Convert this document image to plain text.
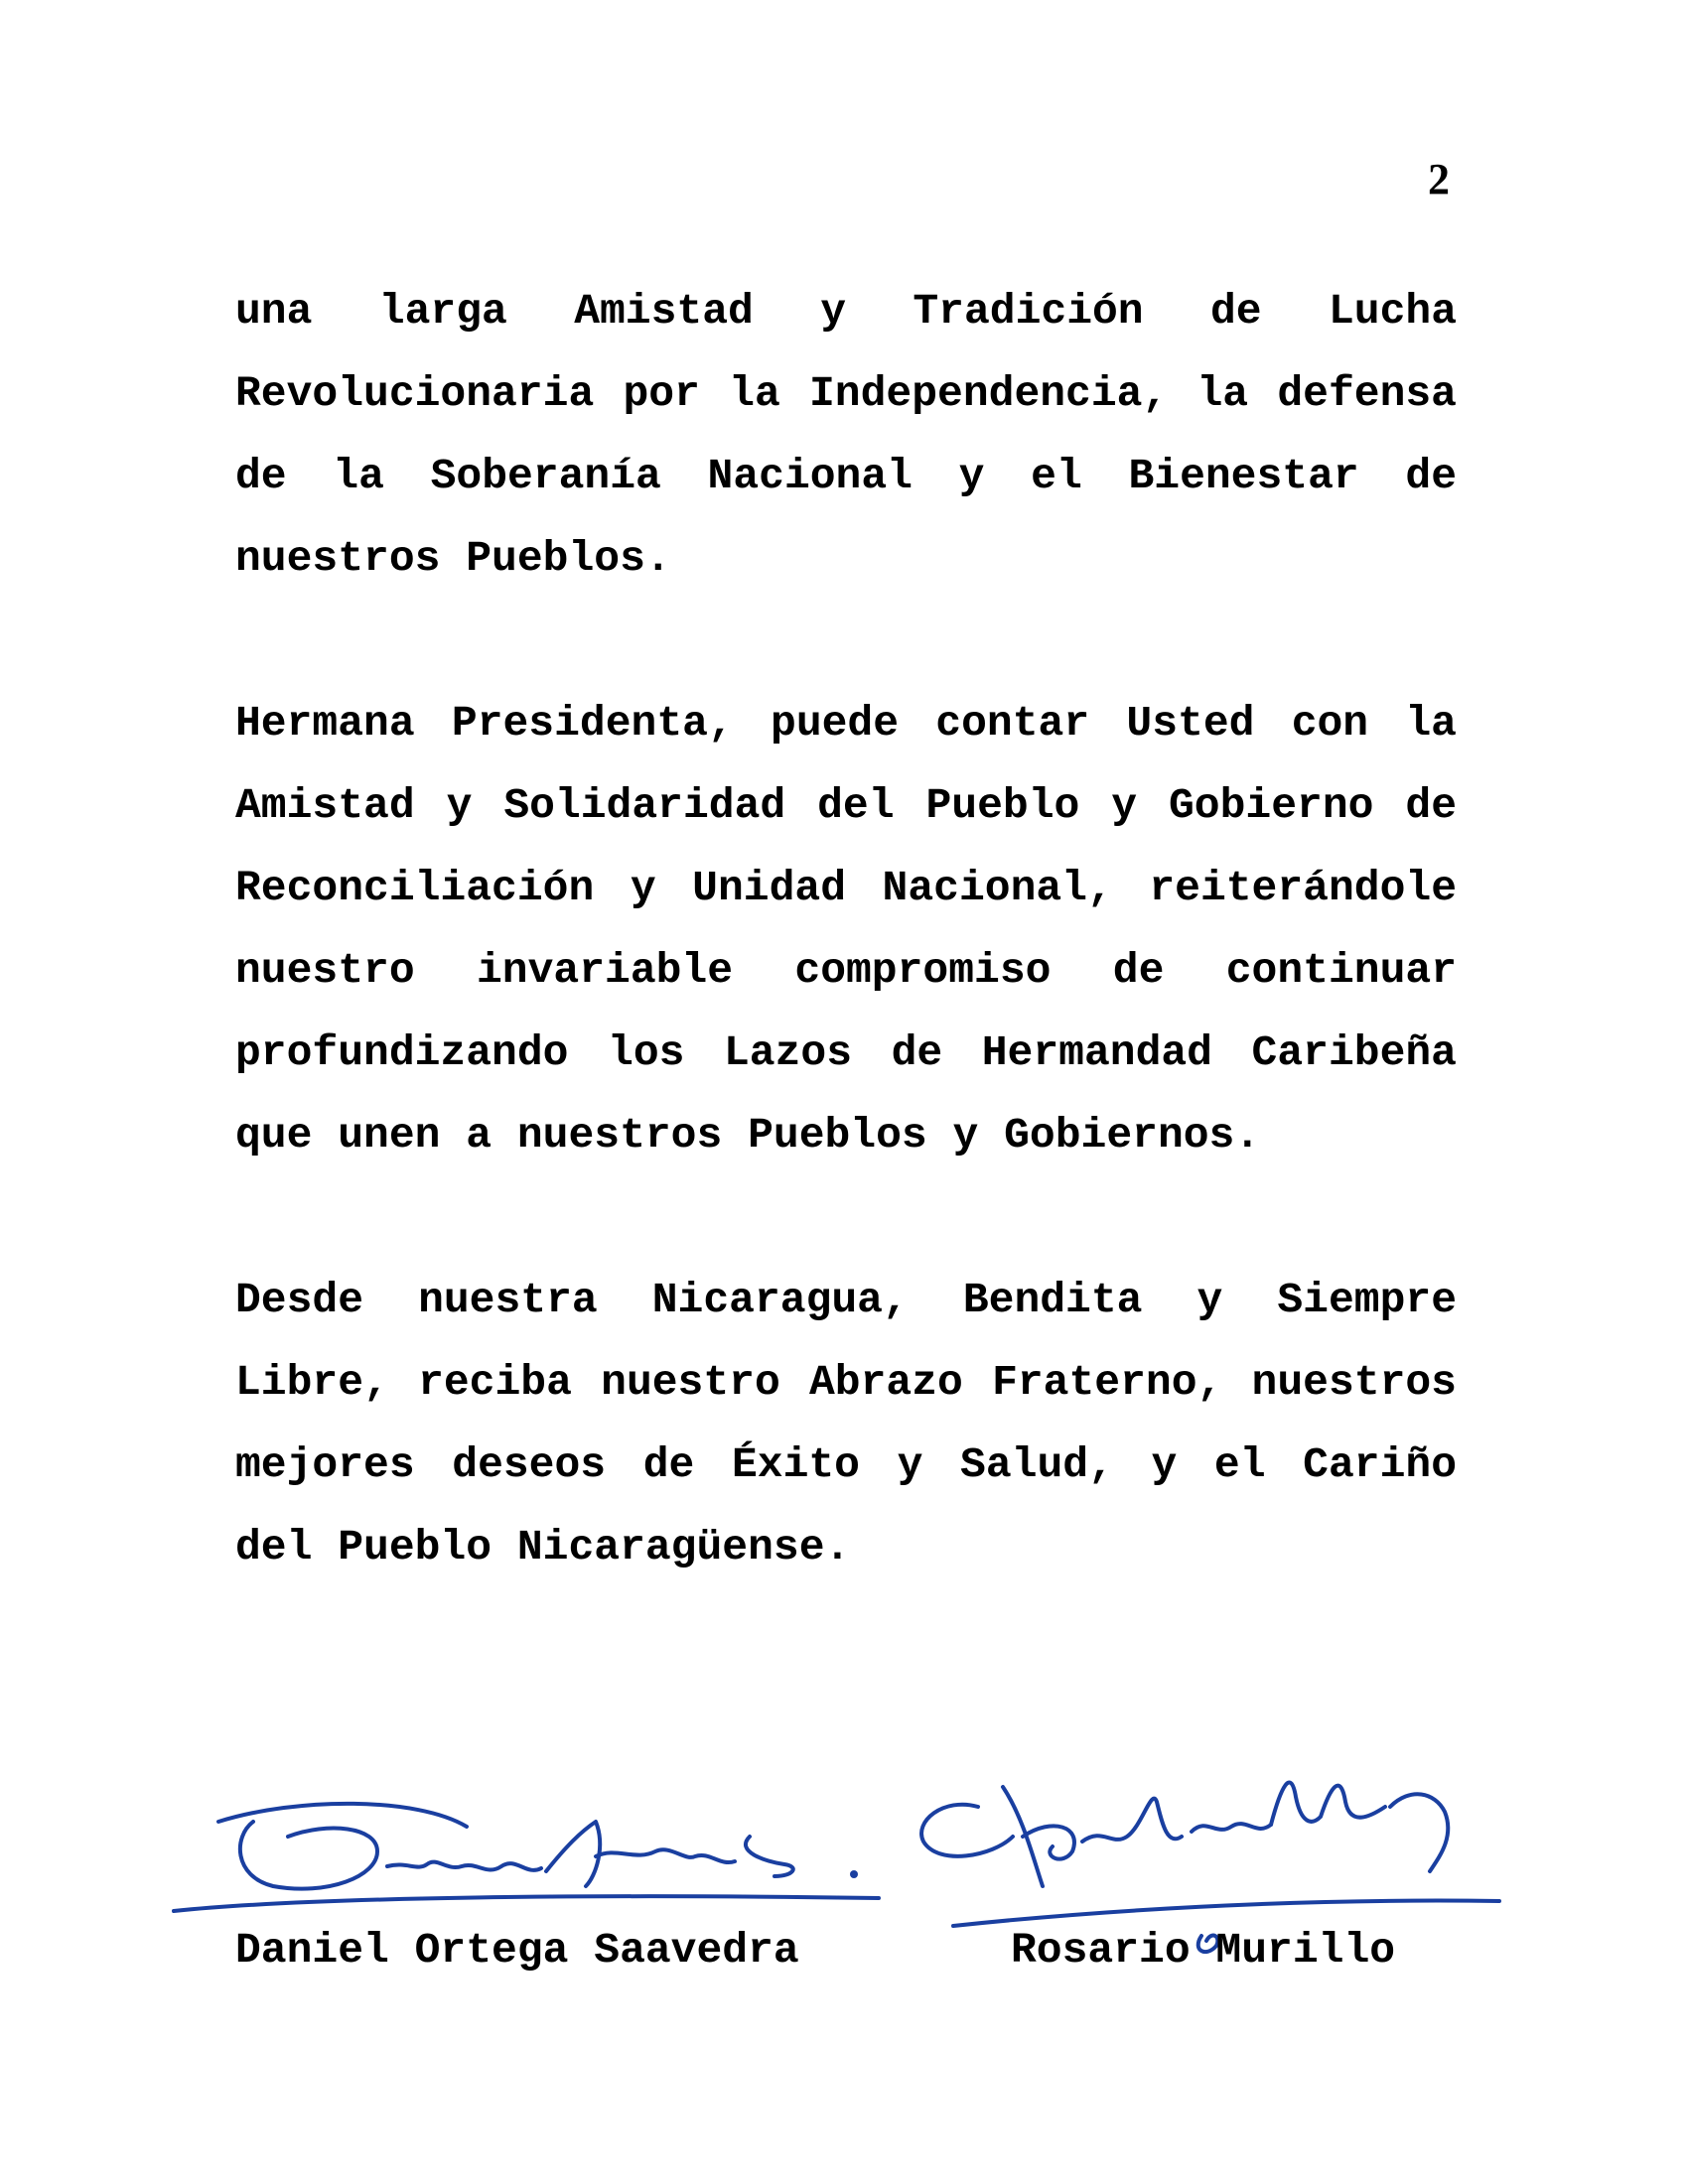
2

una larga Amistad y Tradición de Lucha Revolucionaria por la Independencia, la defensa de la Soberanía Nacional y el Bienestar de nuestros Pueblos.

Hermana Presidenta, puede contar Usted con la Amistad y Solidaridad del Pueblo y Gobierno de Reconciliación y Unidad Nacional, reiterándole nuestro invariable compromiso de continuar profundizando los Lazos de Hermandad Caribeña que unen a nuestros Pueblos y Gobiernos.

Desde nuestra Nicaragua, Bendita y Siempre Libre, reciba nuestro Abrazo Fraterno, nuestros mejores deseos de Éxito y Salud, y el Cariño del Pueblo Nicaragüense.

Daniel Ortega Saavedra	Rosario Murillo
